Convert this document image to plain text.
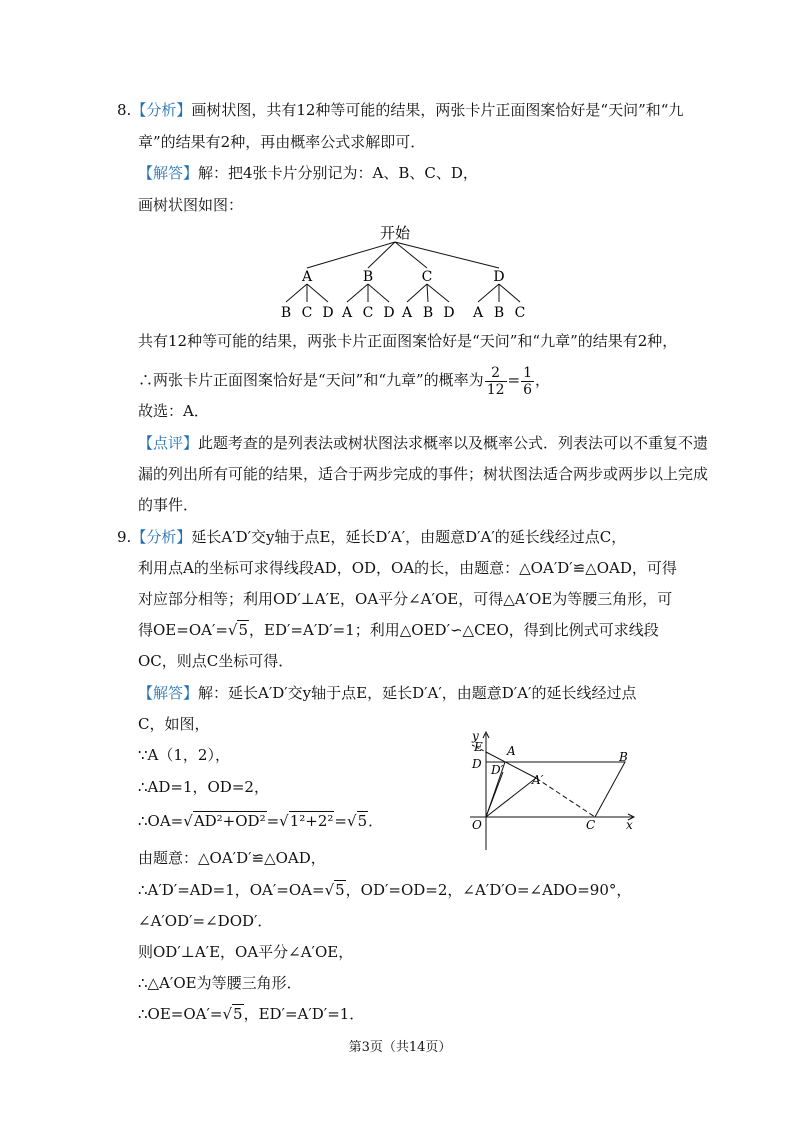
8.【分析】画树状图，共有12种等可能的结果，两张卡片正面图案恰好是“天问”和“九
章”的结果有2种，再由概率公式求解即可．
【解答】解：把4张卡片分别记为：A、B、C、D，
画树状图如图：
开始
A	B	C	D
B C D A C D A B D A B C
共有12种等可能的结果，两张卡片正面图案恰好是“天问”和“九章”的结果有2种，
∴两张卡片正面图案恰好是“天问”和“九章”的概率为 $\frac{2}{12} = \frac{1}{6}$ ，
故选：A．
【点评】此题考查的是列表法或树状图法求概率以及概率公式．列表法可以不重复不遗
漏的列出所有可能的结果，适合于两步完成的事件；树状图法适合两步或两步以上完成
的事件．
9.【分析】延长A′D′交y轴于点E，延长D′A′，由题意D′A′的延长线经过点C，
利用点A的坐标可求得线段AD，OD，OA的长，由题意：△OA′D′≌△OAD，可得
对应部分相等；利用OD′⊥A′E，OA平分∠A′OE，可得△A′OE为等腰三角形，可
得OE=OA′=√5，ED′=A′D′=1；利用△OED′∽△CEO，得到比例式可求线段
OC，则点C坐标可得．
【解答】解：延长A′D′交y轴于点E，延长D′A′，由题意D′A′的延长线经过点
C，如图，
∵A（1，2），
∴AD=1，OD=2，
∴OA=√AD²+OD²=√1²+2²=√5．
由题意：△OA′D′≌△OAD，
∴A′D′=AD=1，OA′=OA=√5，OD′=OD=2，∠A′D′O=∠ADO=90°，
∠A′OD′=∠DOD′．
则OD′⊥A′E，OA平分∠A′OE，
∴△A′OE为等腰三角形．
∴OE=OA′=√5，ED′=A′D′=1．
y
x
E A
D D′
A′
B
O	C
第3页（共14页）
